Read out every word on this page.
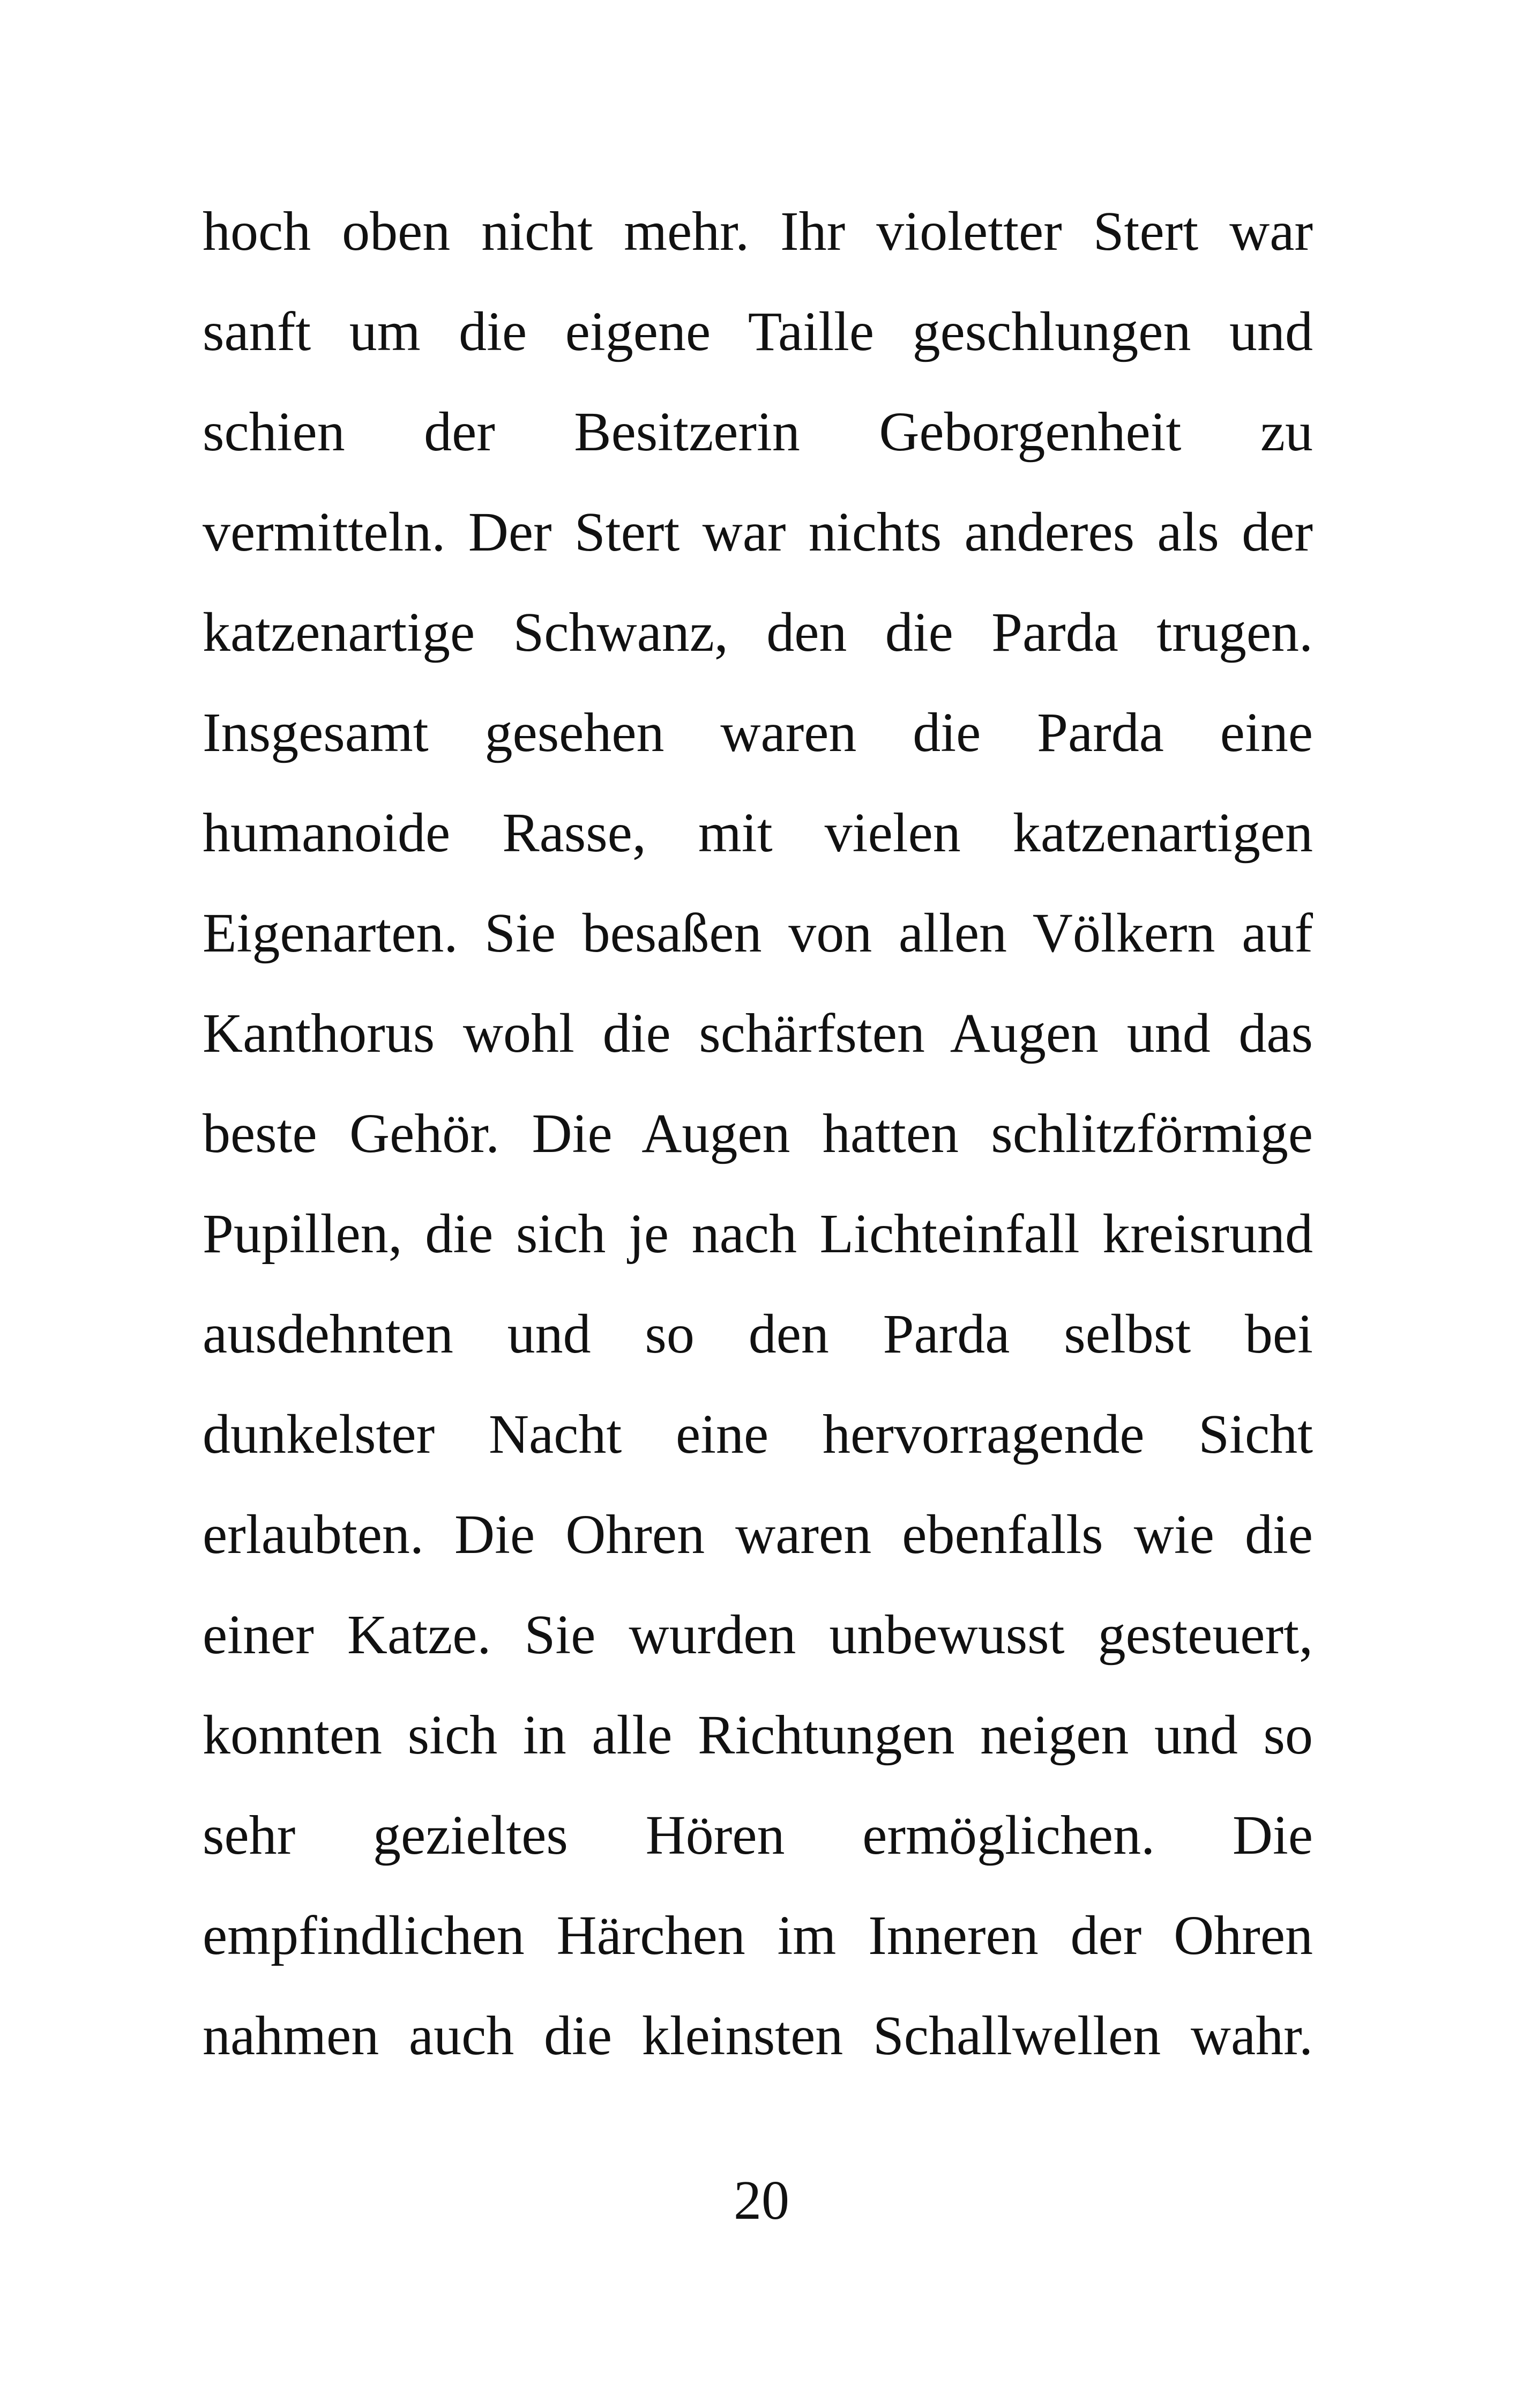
hoch oben nicht mehr. Ihr violetter Stert war
sanft um die eigene Taille geschlungen und
schien der Besitzerin Geborgenheit zu
vermitteln. Der Stert war nichts anderes als der
katzenartige Schwanz, den die Parda trugen.
Insgesamt gesehen waren die Parda eine
humanoide Rasse, mit vielen katzenartigen
Eigenarten. Sie besaßen von allen Völkern auf
Kanthorus wohl die schärfsten Augen und das
beste Gehör. Die Augen hatten schlitzförmige
Pupillen, die sich je nach Lichteinfall kreisrund
ausdehnten und so den Parda selbst bei
dunkelster Nacht eine hervorragende Sicht
erlaubten. Die Ohren waren ebenfalls wie die
einer Katze. Sie wurden unbewusst gesteuert,
konnten sich in alle Richtungen neigen und so
sehr gezieltes Hören ermöglichen. Die
empfindlichen Härchen im Inneren der Ohren
nahmen auch die kleinsten Schallwellen wahr.
20
